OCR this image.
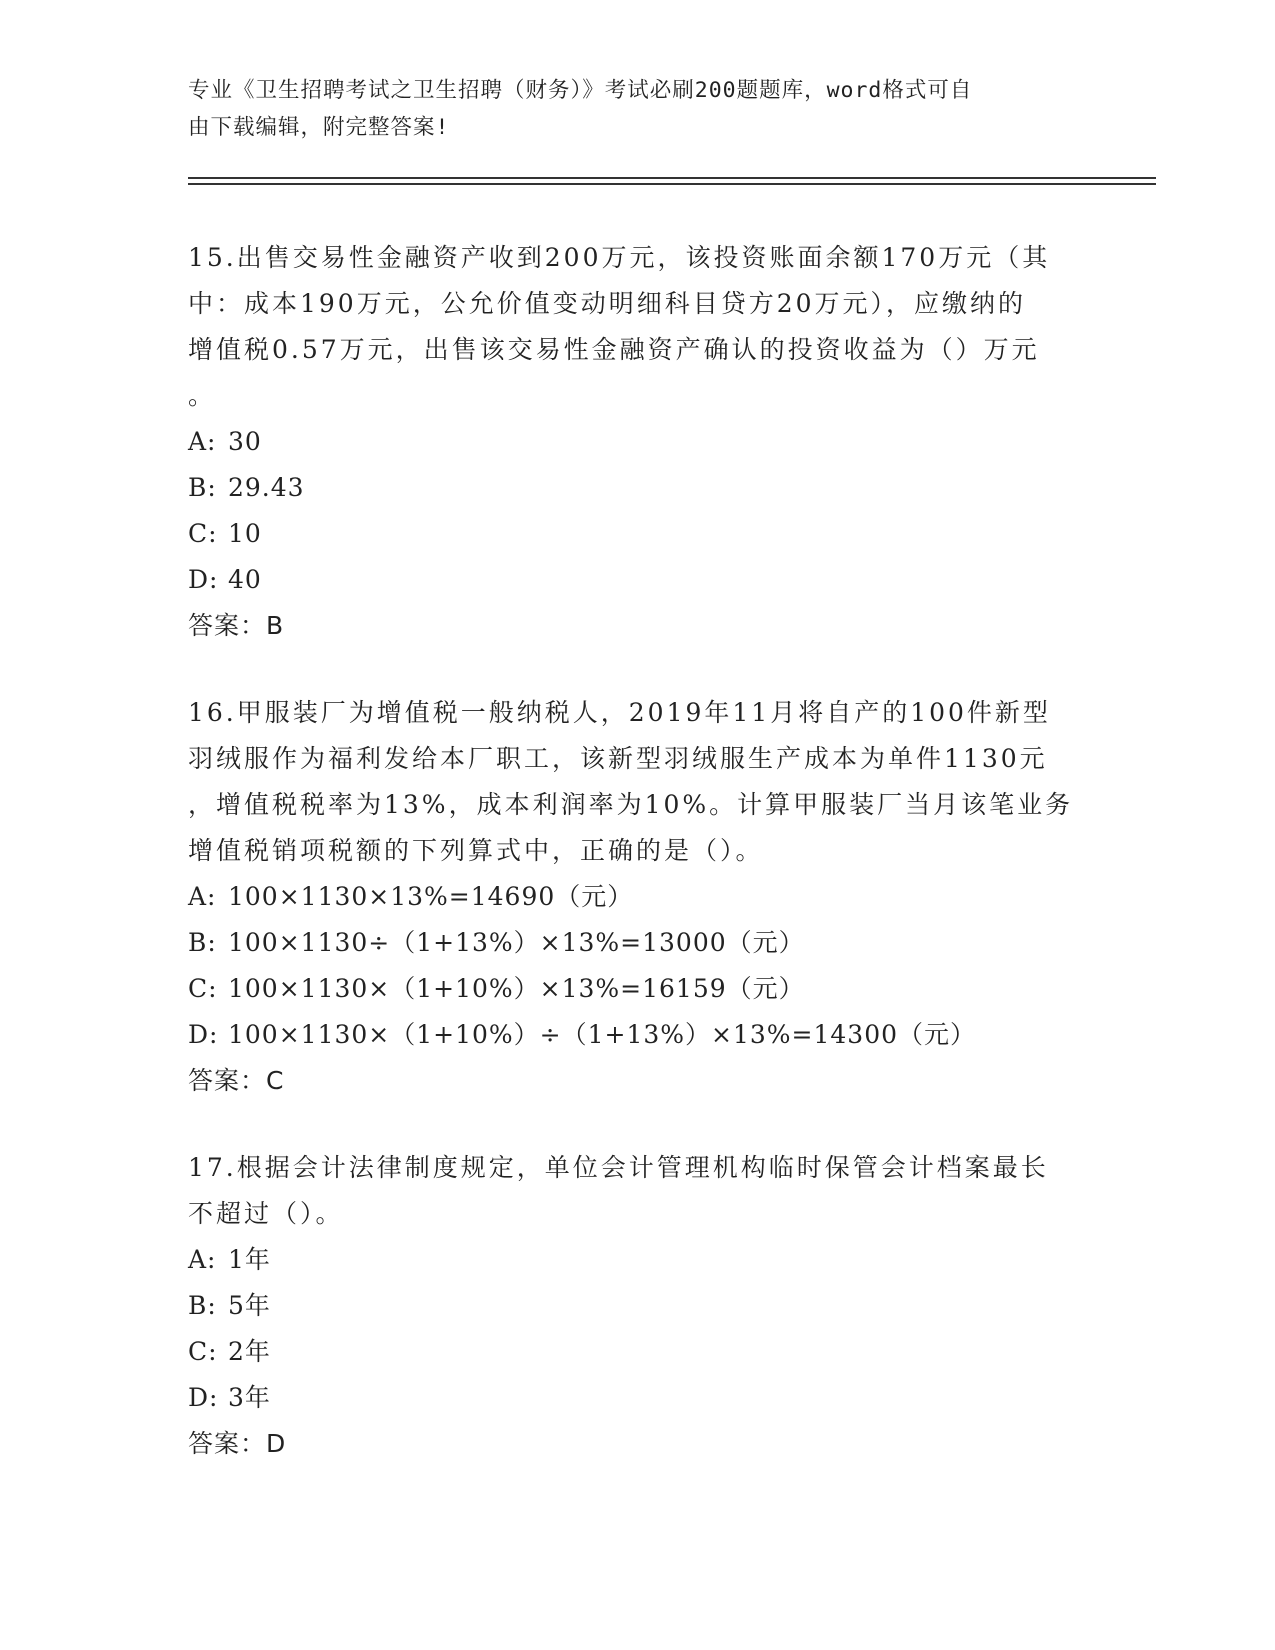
专业《卫生招聘考试之卫生招聘（财务）》考试必刷200题题库，word格式可自
由下载编辑，附完整答案!

15.出售交易性金融资产收到200万元，该投资账面余额170万元（其
中：成本190万元，公允价值变动明细科目贷方20万元），应缴纳的
增值税0.57万元，出售该交易性金融资产确认的投资收益为（）万元
。

A: 30

B: 29.43

C: 10

D: 40

答案：B

16.甲服装厂为增值税一般纳税人，2019年11月将自产的100件新型
羽绒服作为福利发给本厂职工，该新型羽绒服生产成本为单件1130元
，增值税税率为13%，成本利润率为10%。计算甲服装厂当月该笔业务
增值税销项税额的下列算式中，正确的是（）。

A: 100×1130×13%=14690（元）

B: 100×1130÷（1+13%）×13%=13000（元）

C: 100×1130×（1+10%）×13%=16159（元）

D: 100×1130×（1+10%）÷（1+13%）×13%=14300（元）

答案：C

17.根据会计法律制度规定，单位会计管理机构临时保管会计档案最长
不超过（）。

A: 1年

B: 5年

C: 2年

D: 3年

答案：D
